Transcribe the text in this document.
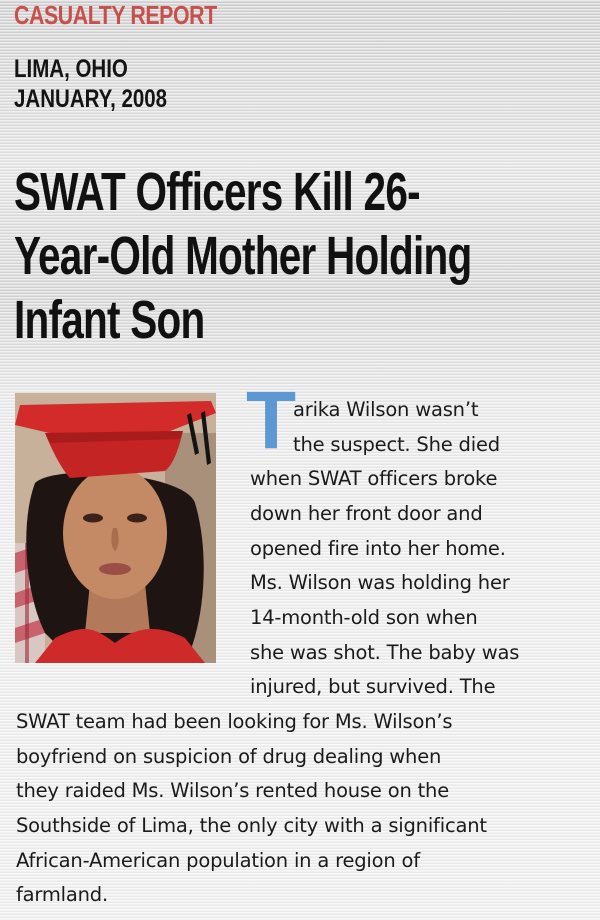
CASUALTY REPORT
LIMA, OHIO
JANUARY, 2008
SWAT Officers Kill 26-
Year-Old Mother Holding
Infant Son
T
arika Wilson wasn’t
the suspect. She died
when SWAT officers broke
down her front door and
opened fire into her home.
Ms. Wilson was holding her
14-month-old son when
she was shot. The baby was
injured, but survived. The
SWAT team had been looking for Ms. Wilson’s
boyfriend on suspicion of drug dealing when
they raided Ms. Wilson’s rented house on the
Southside of Lima, the only city with a significant
African-American population in a region of
farmland.
